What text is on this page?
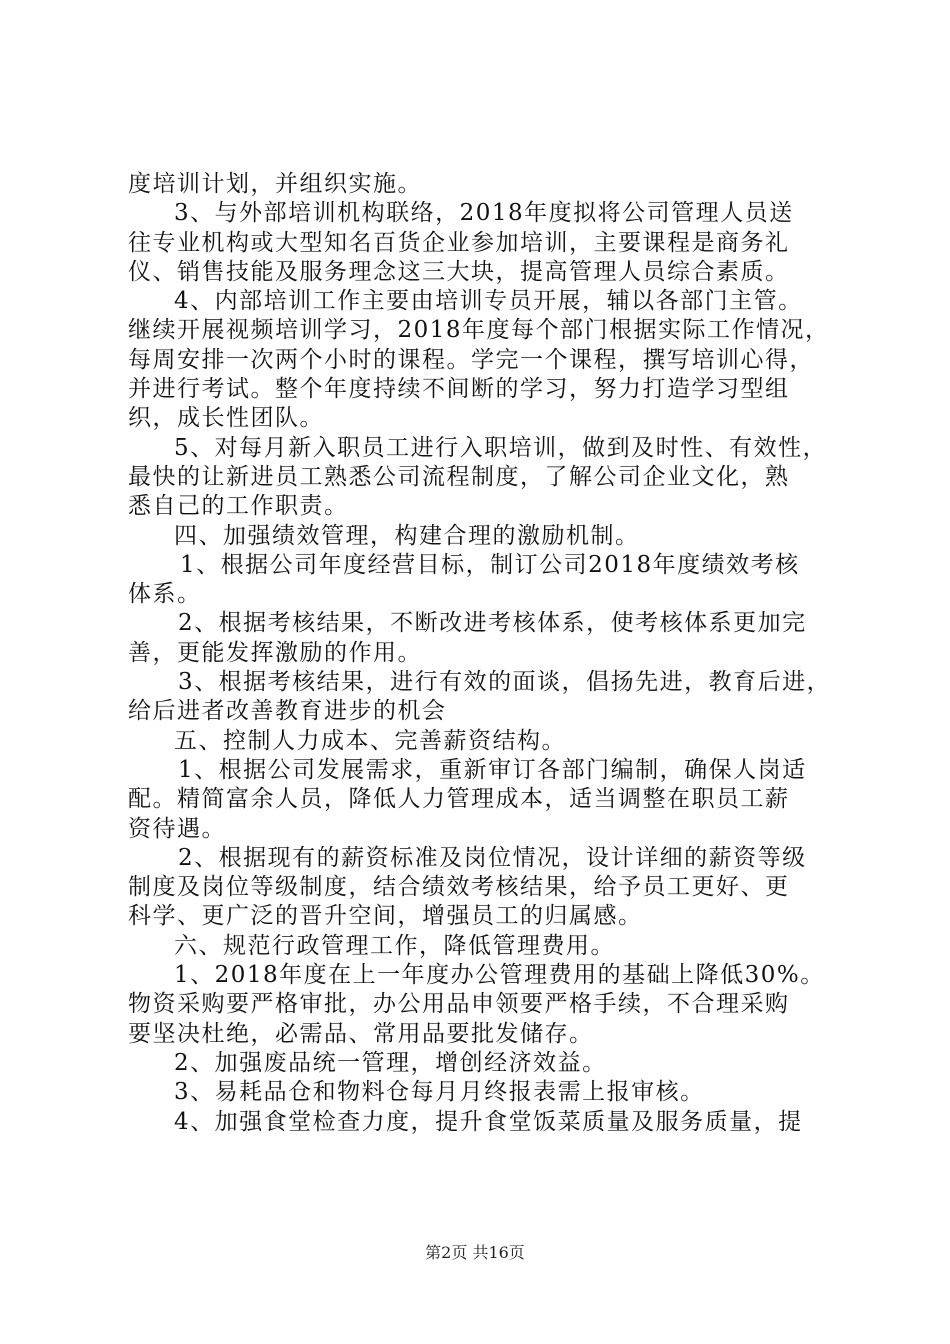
度培训计划，并组织实施。
3、与外部培训机构联络，2018年度拟将公司管理人员送
往专业机构或大型知名百货企业参加培训，主要课程是商务礼
仪、销售技能及服务理念这三大块，提高管理人员综合素质。
4、内部培训工作主要由培训专员开展，辅以各部门主管。
继续开展视频培训学习，2018年度每个部门根据实际工作情况，
每周安排一次两个小时的课程。学完一个课程，撰写培训心得，
并进行考试。整个年度持续不间断的学习，努力打造学习型组
织，成长性团队。
5、对每月新入职员工进行入职培训，做到及时性、有效性，
最快的让新进员工熟悉公司流程制度，了解公司企业文化，熟
悉自己的工作职责。
四、加强绩效管理，构建合理的激励机制。
1、根据公司年度经营目标，制订公司2018年度绩效考核
体系。
2、根据考核结果，不断改进考核体系，使考核体系更加完
善，更能发挥激励的作用。
3、根据考核结果，进行有效的面谈，倡扬先进，教育后进，
给后进者改善教育进步的机会
五、控制人力成本、完善薪资结构。
1、根据公司发展需求，重新审订各部门编制，确保人岗适
配。精简富余人员，降低人力管理成本，适当调整在职员工薪
资待遇。
2、根据现有的薪资标准及岗位情况，设计详细的薪资等级
制度及岗位等级制度，结合绩效考核结果，给予员工更好、更
科学、更广泛的晋升空间，增强员工的归属感。
六、规范行政管理工作，降低管理费用。
1、2018年度在上一年度办公管理费用的基础上降低30%。
物资采购要严格审批，办公用品申领要严格手续，不合理采购
要坚决杜绝，必需品、常用品要批发储存。
2、加强废品统一管理，增创经济效益。
3、易耗品仓和物料仓每月月终报表需上报审核。
4、加强食堂检查力度，提升食堂饭菜质量及服务质量，提
第2页 共16页
